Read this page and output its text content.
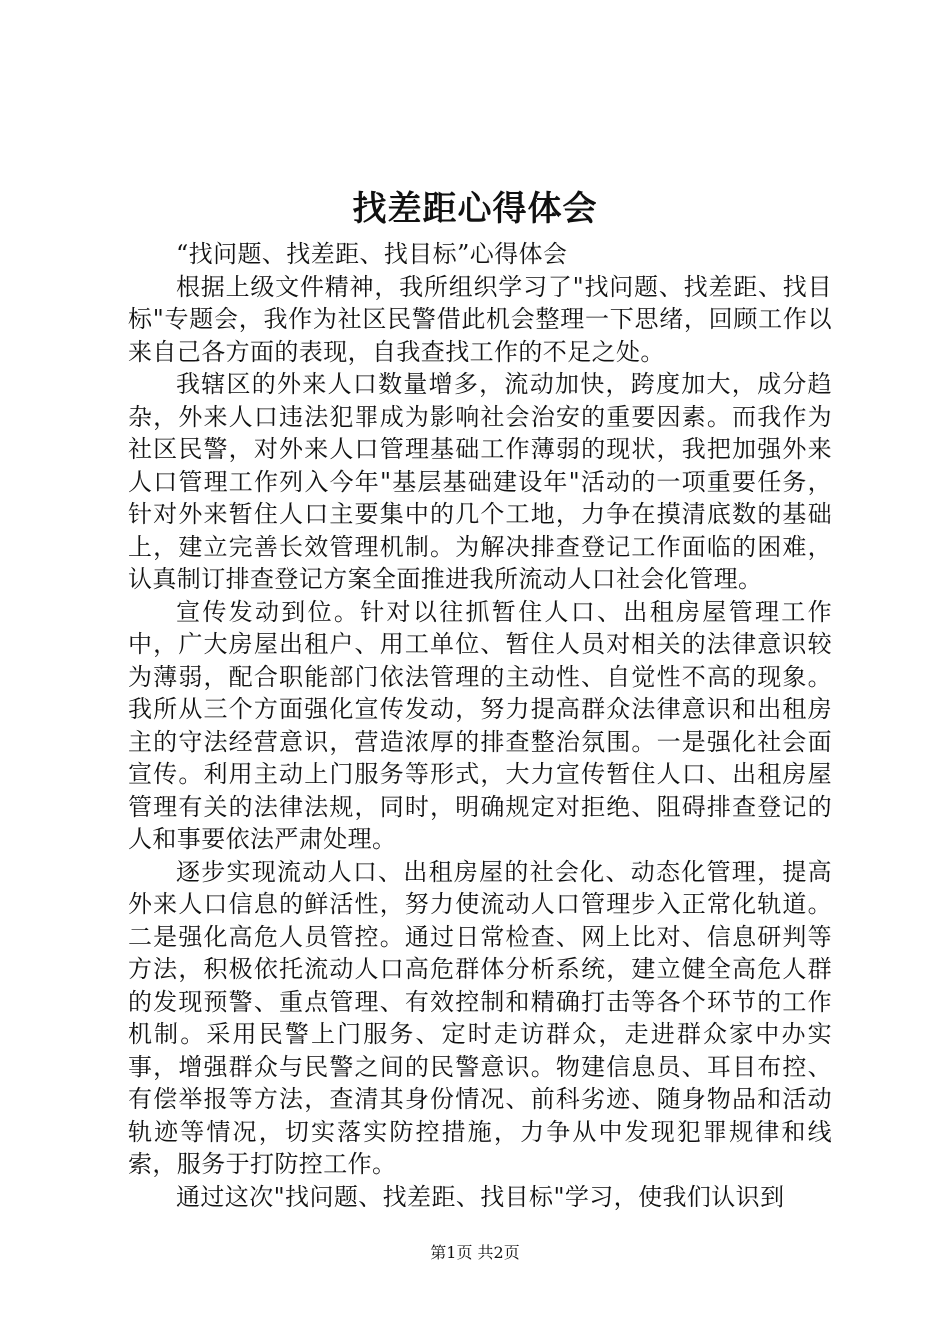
找差距心得体会

“找问题、找差距、找目标”心得体会

根据上级文件精神，我所组织学习了"找问题、找差距、找目标"专题会，我作为社区民警借此机会整理一下思绪，回顾工作以来自己各方面的表现，自我查找工作的不足之处。

我辖区的外来人口数量增多，流动加快，跨度加大，成分趋杂，外来人口违法犯罪成为影响社会治安的重要因素。而我作为社区民警，对外来人口管理基础工作薄弱的现状，我把加强外来人口管理工作列入今年"基层基础建设年"活动的一项重要任务，针对外来暂住人口主要集中的几个工地，力争在摸清底数的基础上，建立完善长效管理机制。为解决排查登记工作面临的困难，认真制订排查登记方案全面推进我所流动人口社会化管理。

宣传发动到位。针对以往抓暂住人口、出租房屋管理工作中，广大房屋出租户、用工单位、暂住人员对相关的法律意识较为薄弱，配合职能部门依法管理的主动性、自觉性不高的现象。我所从三个方面强化宣传发动，努力提高群众法律意识和出租房主的守法经营意识，营造浓厚的排查整治氛围。一是强化社会面宣传。利用主动上门服务等形式，大力宣传暂住人口、出租房屋管理有关的法律法规，同时，明确规定对拒绝、阻碍排查登记的人和事要依法严肃处理。

逐步实现流动人口、出租房屋的社会化、动态化管理，提高外来人口信息的鲜活性，努力使流动人口管理步入正常化轨道。二是强化高危人员管控。通过日常检查、网上比对、信息研判等方法，积极依托流动人口高危群体分析系统，建立健全高危人群的发现预警、重点管理、有效控制和精确打击等各个环节的工作机制。采用民警上门服务、定时走访群众，走进群众家中办实事，增强群众与民警之间的民警意识。物建信息员、耳目布控、有偿举报等方法，查清其身份情况、前科劣迹、随身物品和活动轨迹等情况，切实落实防控措施，力争从中发现犯罪规律和线索，服务于打防控工作。

通过这次"找问题、找差距、找目标"学习，使我们认识到

第1页 共2页
